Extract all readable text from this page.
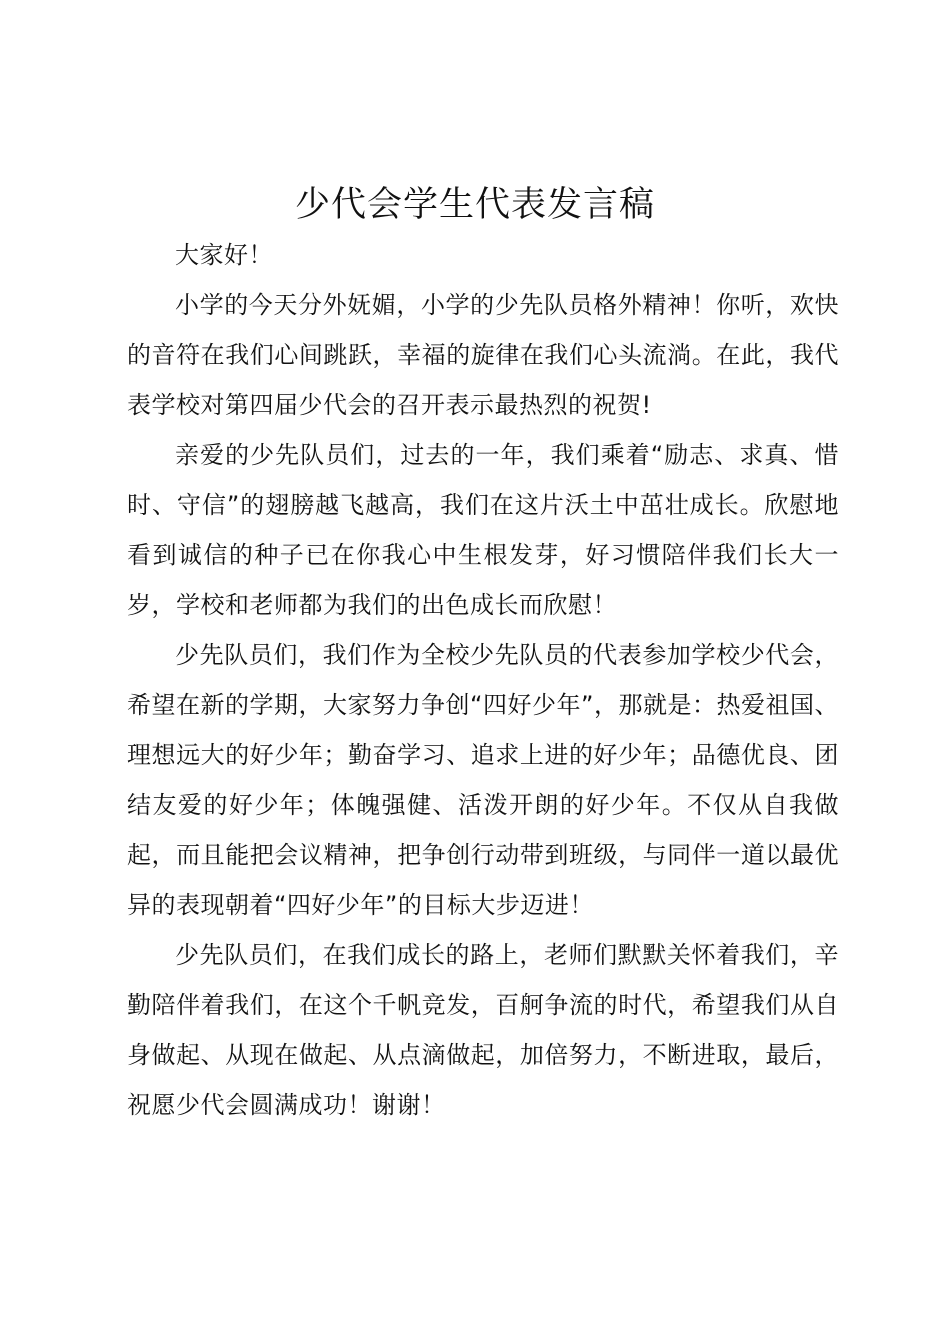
少代会学生代表发言稿

大家好！

小学的今天分外妩媚，小学的少先队员格外精神！你听，欢快的音符在我们心间跳跃，幸福的旋律在我们心头流淌。在此，我代表学校对第四届少代会的召开表示最热烈的祝贺!

亲爱的少先队员们，过去的一年，我们乘着“励志、求真、惜时、守信”的翅膀越飞越高，我们在这片沃土中茁壮成长。欣慰地看到诚信的种子已在你我心中生根发芽，好习惯陪伴我们长大一岁，学校和老师都为我们的出色成长而欣慰！

少先队员们，我们作为全校少先队员的代表参加学校少代会，希望在新的学期，大家努力争创“四好少年”，那就是：热爱祖国、理想远大的好少年；勤奋学习、追求上进的好少年；品德优良、团结友爱的好少年；体魄强健、活泼开朗的好少年。不仅从自我做起，而且能把会议精神，把争创行动带到班级，与同伴一道以最优异的表现朝着“四好少年”的目标大步迈进！

少先队员们，在我们成长的路上，老师们默默关怀着我们，辛勤陪伴着我们，在这个千帆竞发，百舸争流的时代，希望我们从自身做起、从现在做起、从点滴做起，加倍努力，不断进取，最后，祝愿少代会圆满成功！谢谢！
